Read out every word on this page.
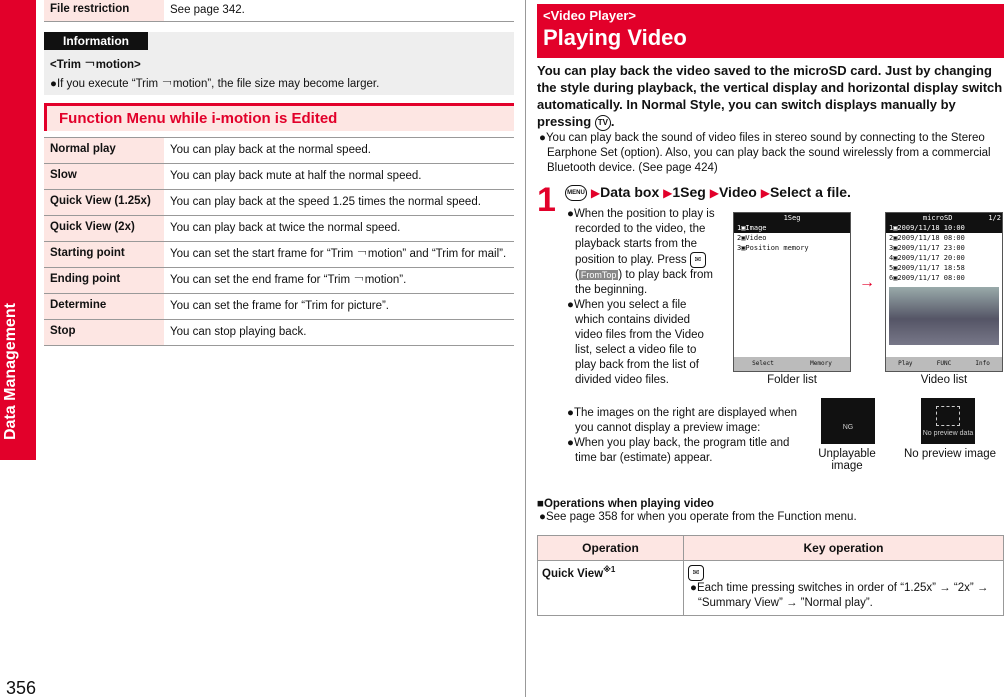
Data Management
356
File restriction	See page 342.
Information
<Trim ￢motion>
●If you execute “Trim ￢motion”, the file size may become larger.
Function Menu while i-motion is Edited
Normal play	You can play back at the normal speed.
Slow	You can play back mute at half the normal speed.
Quick View (1.25x)	You can play back at the speed 1.25 times the normal speed.
Quick View (2x)	You can play back at twice the normal speed.
Starting point	You can set the start frame for “Trim ￢motion” and “Trim for mail”.
Ending point	You can set the end frame for “Trim ￢motion”.
Determine	You can set the frame for “Trim for picture”.
Stop	You can stop playing back.
<Video Player>
Playing Video
You can play back the video saved to the microSD card. Just by changing the style during playback, the vertical display and horizontal display switch automatically. In Normal Style, you can switch displays manually by pressing TV .
●You can play back the sound of video files in stereo sound by connecting to the Stereo Earphone Set (option). Also, you can play back the sound wirelessly from a commercial Bluetooth device. (See page 424)
1	MENU ▶Data box ▶1Seg ▶Video ▶Select a file.
●When the position to play is recorded to the video, the playback starts from the position to play. Press ✉( FromTop ) to play back from the beginning.
●When you select a file which contains divided video files from the Video list, select a video file to play back from the list of divided video files.
●The images on the right are displayed when you cannot display a preview image:
●When you play back, the program title and time bar (estimate) appear.
1Seg
1▣Image
2▣Video
3▣Position memory
Select	Memory
Folder list
→
microSD	1/2
1▣2009/11/18 10:00
2▣2009/11/18 08:00
3▣2009/11/17 23:00
4▣2009/11/17 20:00
5▣2009/11/17 18:58
6▣2009/11/17 08:00
Play	FUNC	Info
Video list
NG
Unplayable image
No preview data
No preview image
■Operations when playing video
●See page 358 for when you operate from the Function menu.
Operation	Key operation
Quick View$^{※1}$	✉
●Each time pressing switches in order of “1.25x” → “2x” → “Summary View” → ”Normal play”.
